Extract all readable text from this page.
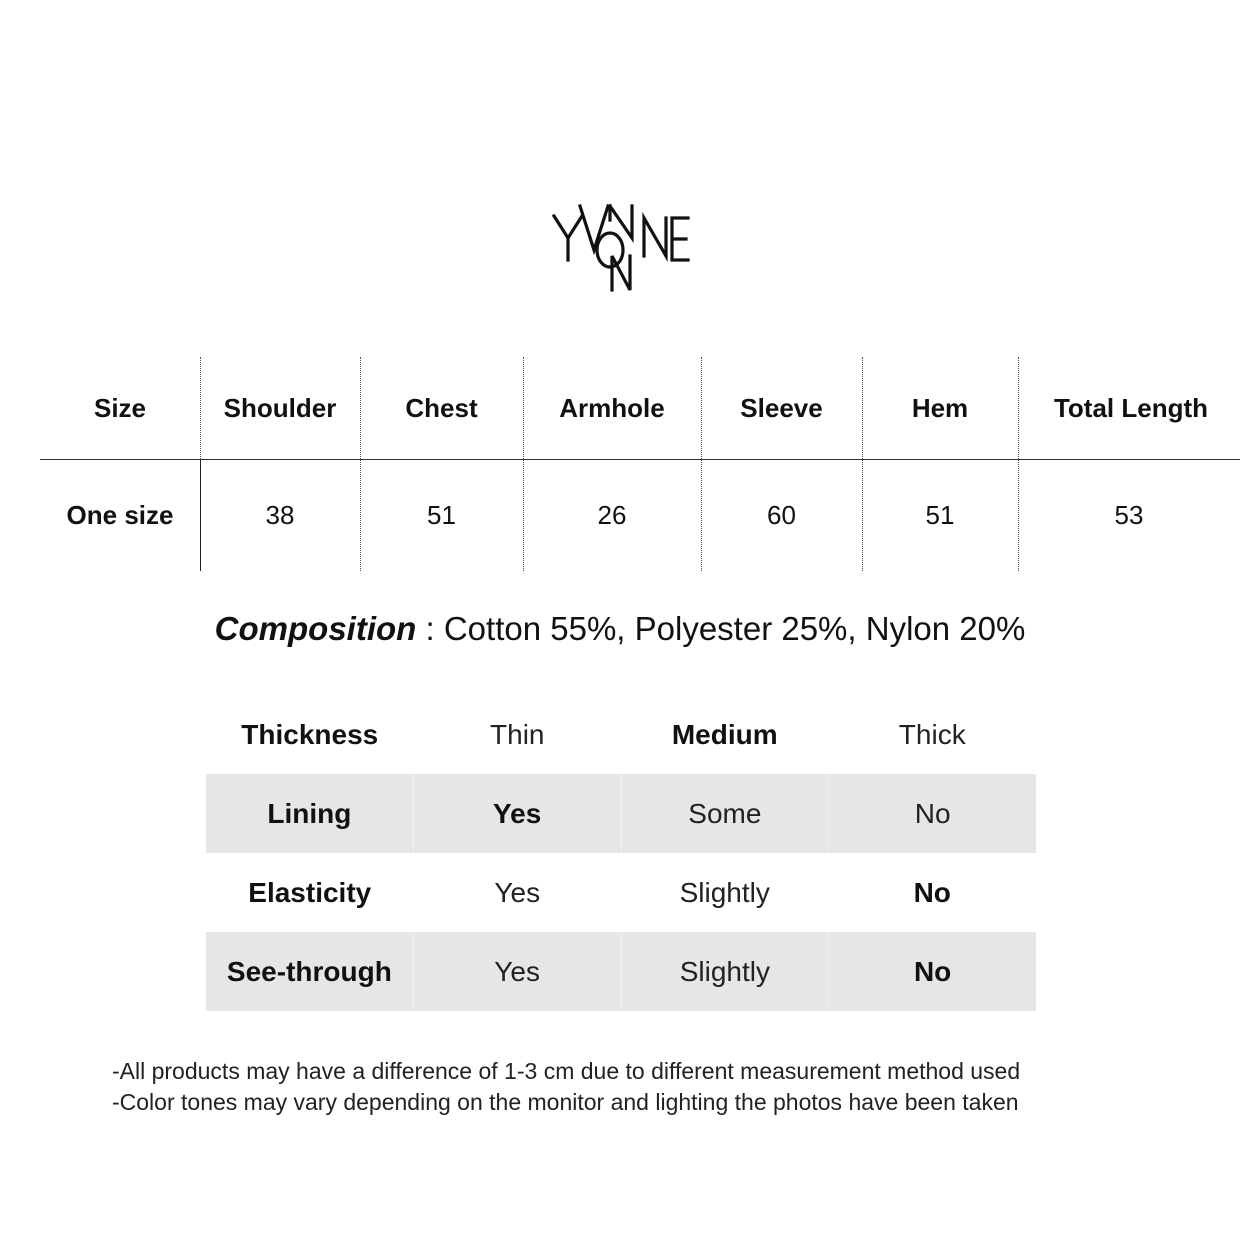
Size	Shoulder	Chest	Armhole	Sleeve	Hem	Total Length
One size	38	51	26	60	51	53
Composition : Cotton 55%, Polyester 25%, Nylon 20%
Thickness	Thin	Medium	Thick
Lining	Yes	Some	No
Elasticity	Yes	Slightly	No
See-through	Yes	Slightly	No
-All products may have a difference of 1-3 cm due to different measurement method used
-Color tones may vary depending on the monitor and lighting the photos have been taken
